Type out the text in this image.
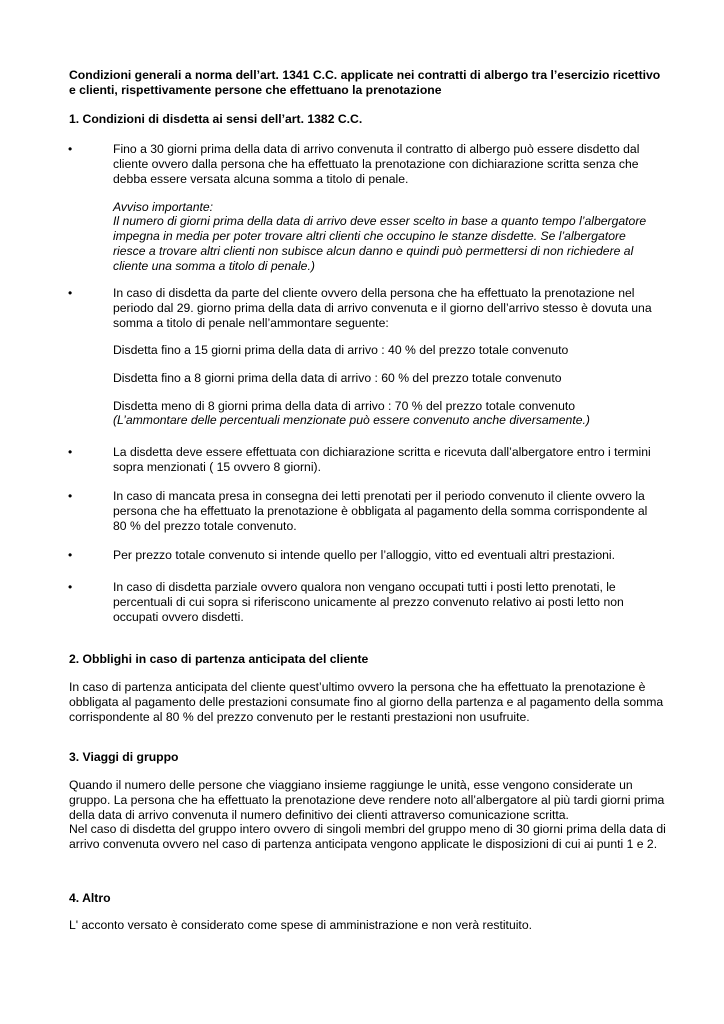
Condizioni generali a norma dell’art. 1341 C.C. applicate nei contratti di albergo tra l’esercizio ricettivo e clienti, rispettivamente persone che effettuano la prenotazione

1. Condizioni di disdetta ai sensi dell’art. 1382 C.C.

•	Fino a 30 giorni prima della data di arrivo convenuta il contratto di albergo può essere disdetto dal cliente ovvero dalla persona che ha effettuato la prenotazione con dichiarazione scritta senza che debba essere versata alcuna somma a titolo di penale.

Avviso importante:

Il numero di giorni prima della data di arrivo deve esser scelto in base a quanto tempo l’albergatore impegna in media per poter trovare altri clienti che occupino le stanze disdette. Se l’albergatore riesce a trovare altri clienti non subisce alcun danno e quindi può permettersi di non richiedere al cliente una somma a titolo di penale.)

•	In caso di disdetta da parte del cliente ovvero della persona che ha effettuato la prenotazione nel periodo dal 29. giorno prima della data di arrivo convenuta e il giorno dell’arrivo stesso è dovuta una somma a titolo di penale nell’ammontare seguente:

Disdetta fino a 15 giorni prima della data di arrivo : 40 % del prezzo totale convenuto

Disdetta fino a 8 giorni prima della data di arrivo : 60 % del prezzo totale convenuto

Disdetta meno di 8 giorni prima della data di arrivo : 70 % del prezzo totale convenuto

(L’ammontare delle percentuali menzionate può essere convenuto anche diversamente.)

•	La disdetta deve essere effettuata con dichiarazione scritta e ricevuta dall’albergatore entro i termini sopra menzionati ( 15 ovvero 8 giorni).

•	In caso di mancata presa in consegna dei letti prenotati per il periodo convenuto il cliente ovvero la persona che ha effettuato la prenotazione è obbligata al pagamento della somma corrispondente al 80 % del prezzo totale convenuto.

•	Per prezzo totale convenuto si intende quello per l’alloggio, vitto ed eventuali altri prestazioni.

•	In caso di disdetta parziale ovvero qualora non vengano occupati tutti i posti letto prenotati, le percentuali di cui sopra si riferiscono unicamente al prezzo convenuto relativo ai posti letto non occupati ovvero disdetti.

2. Obblighi in caso di partenza anticipata del cliente

In caso di partenza anticipata del cliente quest’ultimo ovvero la persona che ha effettuato la prenotazione è obbligata al pagamento delle prestazioni consumate fino al giorno della partenza e al pagamento della somma corrispondente al 80 % del prezzo convenuto per le restanti prestazioni non usufruite.

3. Viaggi di gruppo

Quando il numero delle persone che viaggiano insieme raggiunge le unità, esse vengono considerate un gruppo. La persona che ha effettuato la prenotazione deve rendere noto all’albergatore al più tardi giorni prima della data di arrivo convenuta il numero definitivo dei clienti attraverso comunicazione scritta.

Nel caso di disdetta del gruppo intero ovvero di singoli membri del gruppo meno di 30 giorni prima della data di arrivo convenuta ovvero nel caso di partenza anticipata vengono applicate le disposizioni di cui ai punti 1 e 2.

4. Altro

L' acconto versato è considerato come spese di amministrazione e non verà restituito.
